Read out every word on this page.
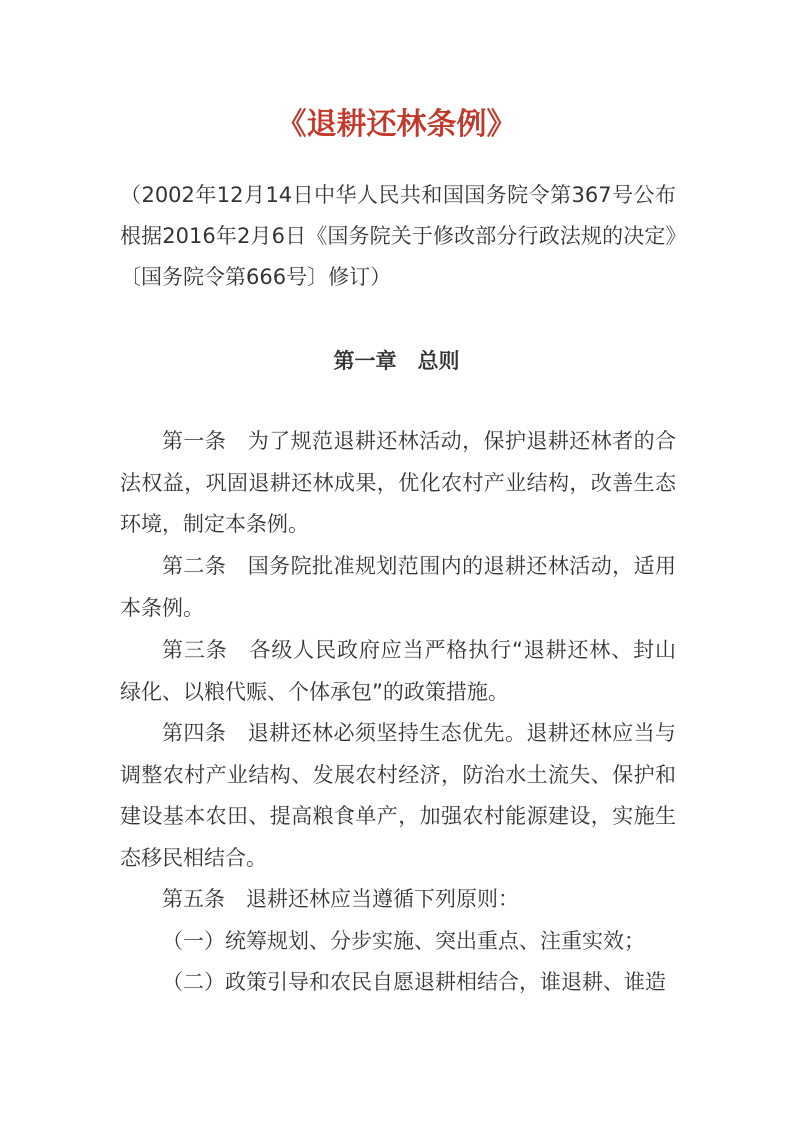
《退耕还林条例》
（2002年12月14日中华人民共和国国务院令第367号公布 根据2016年2月6日《国务院关于修改部分行政法规的决定》〔国务院令第666号〕修订）
第一章　总则
第一条　为了规范退耕还林活动，保护退耕还林者的合法权益，巩固退耕还林成果，优化农村产业结构，改善生态环境，制定本条例。
第二条　国务院批准规划范围内的退耕还林活动，适用本条例。
第三条　各级人民政府应当严格执行“退耕还林、封山绿化、以粮代赈、个体承包”的政策措施。
第四条　退耕还林必须坚持生态优先。退耕还林应当与调整农村产业结构、发展农村经济，防治水土流失、保护和建设基本农田、提高粮食单产，加强农村能源建设，实施生态移民相结合。
第五条　退耕还林应当遵循下列原则：
（一）统筹规划、分步实施、突出重点、注重实效；
（二）政策引导和农民自愿退耕相结合，谁退耕、谁造
